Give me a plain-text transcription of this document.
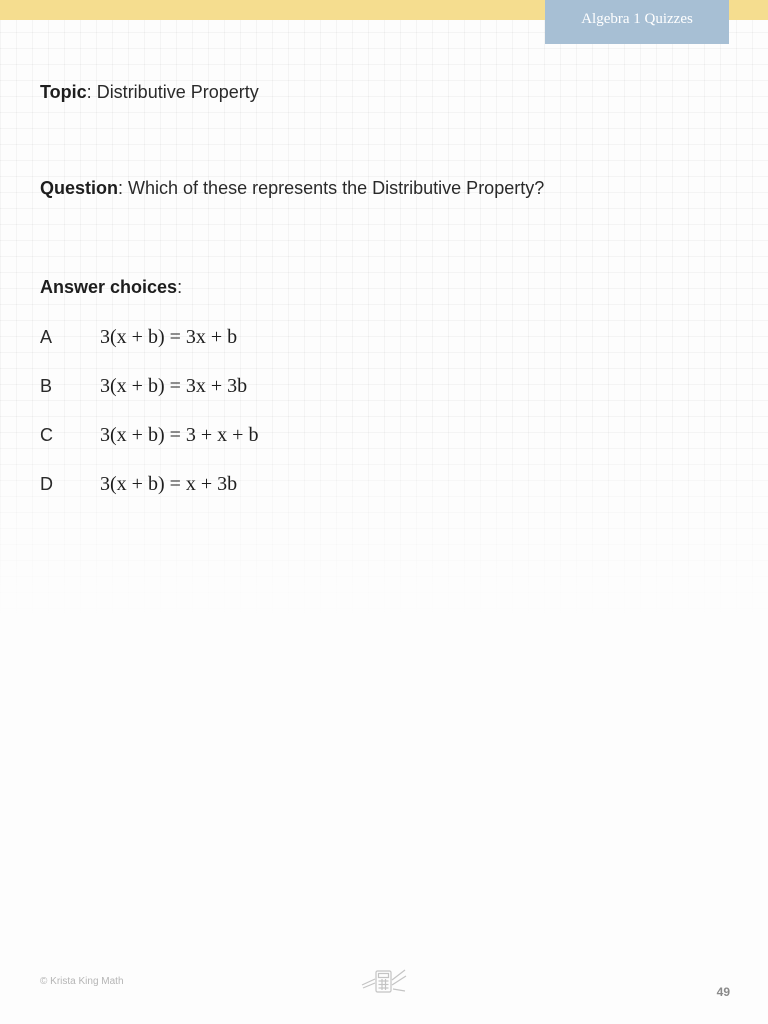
Algebra 1 Quizzes
Topic: Distributive Property
Question: Which of these represents the Distributive Property?
Answer choices:
A 3(x + b) = 3x + b
B 3(x + b) = 3x + 3b
C 3(x + b) = 3 + x + b
D 3(x + b) = x + 3b
© Krista King Math
49
